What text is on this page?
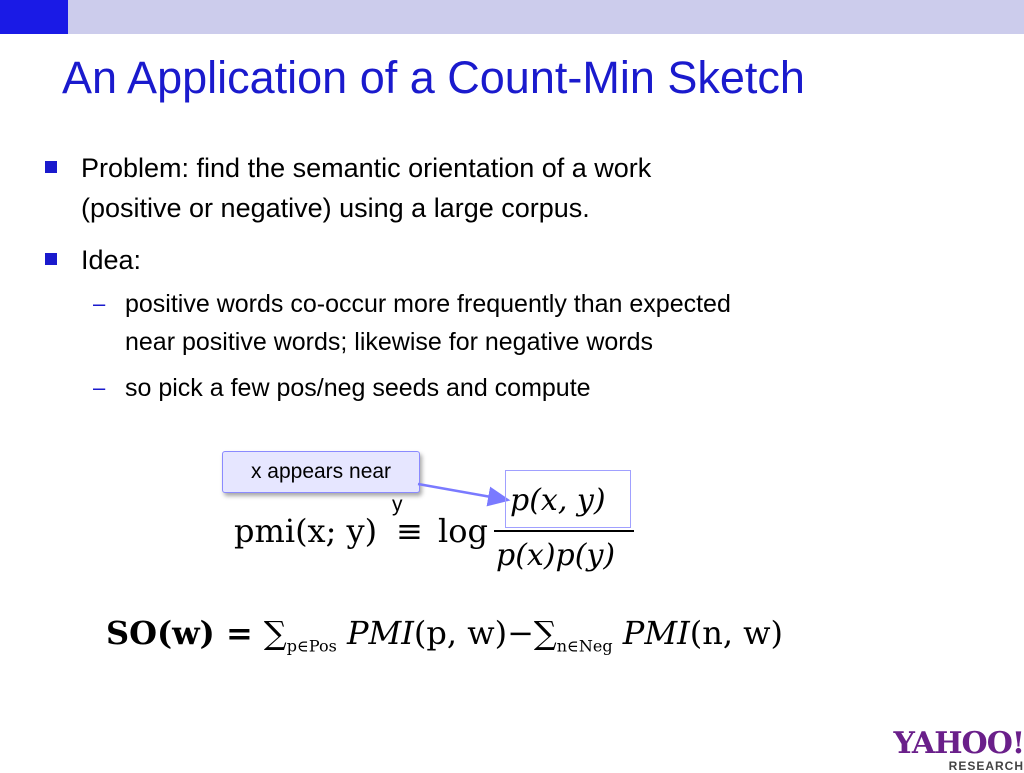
An Application of a Count-Min Sketch
Problem: find the semantic orientation of a work
(positive or negative) using a large corpus.
Idea:
– positive words co-occur more frequently than expected
near positive words; likewise for negative words
– so pick a few pos/neg seeds and compute
x appears near
y
pmi(x; y) ≡ log
p(x, y)
p(x)p(y)
$SO(w) = \sum_{p\in Pos}$ PMI(p, $w)-\sum_{n\in Neg}$ PMI(n, w)
YAHOO!
RESEARCH
